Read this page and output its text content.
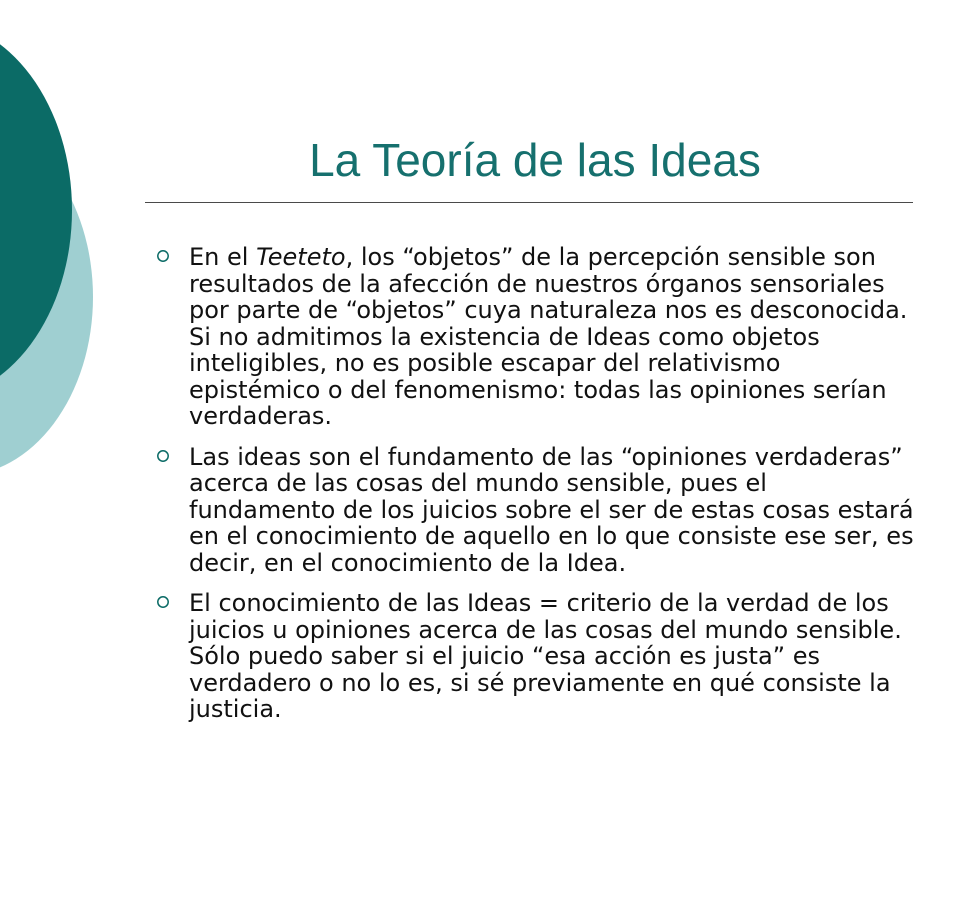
La Teoría de las Ideas
En el Teeteto, los “objetos” de la percepción sensible son resultados de la afección de nuestros órganos sensoriales por parte de “objetos” cuya naturaleza nos es desconocida. Si no admitimos la existencia de Ideas como objetos inteligibles, no es posible escapar del relativismo epistémico o del fenomenismo: todas las opiniones serían verdaderas.
Las ideas son el fundamento de las “opiniones verdaderas” acerca de las cosas del mundo sensible, pues el fundamento de los juicios sobre el ser de estas cosas estará en el conocimiento de aquello en lo que consiste ese ser, es decir, en el conocimiento de la Idea.
El conocimiento de las Ideas = criterio de la verdad de los juicios u opiniones acerca de las cosas del mundo sensible. Sólo puedo saber si el juicio “esa acción es justa” es verdadero o no lo es, si sé previamente en qué consiste la justicia.
